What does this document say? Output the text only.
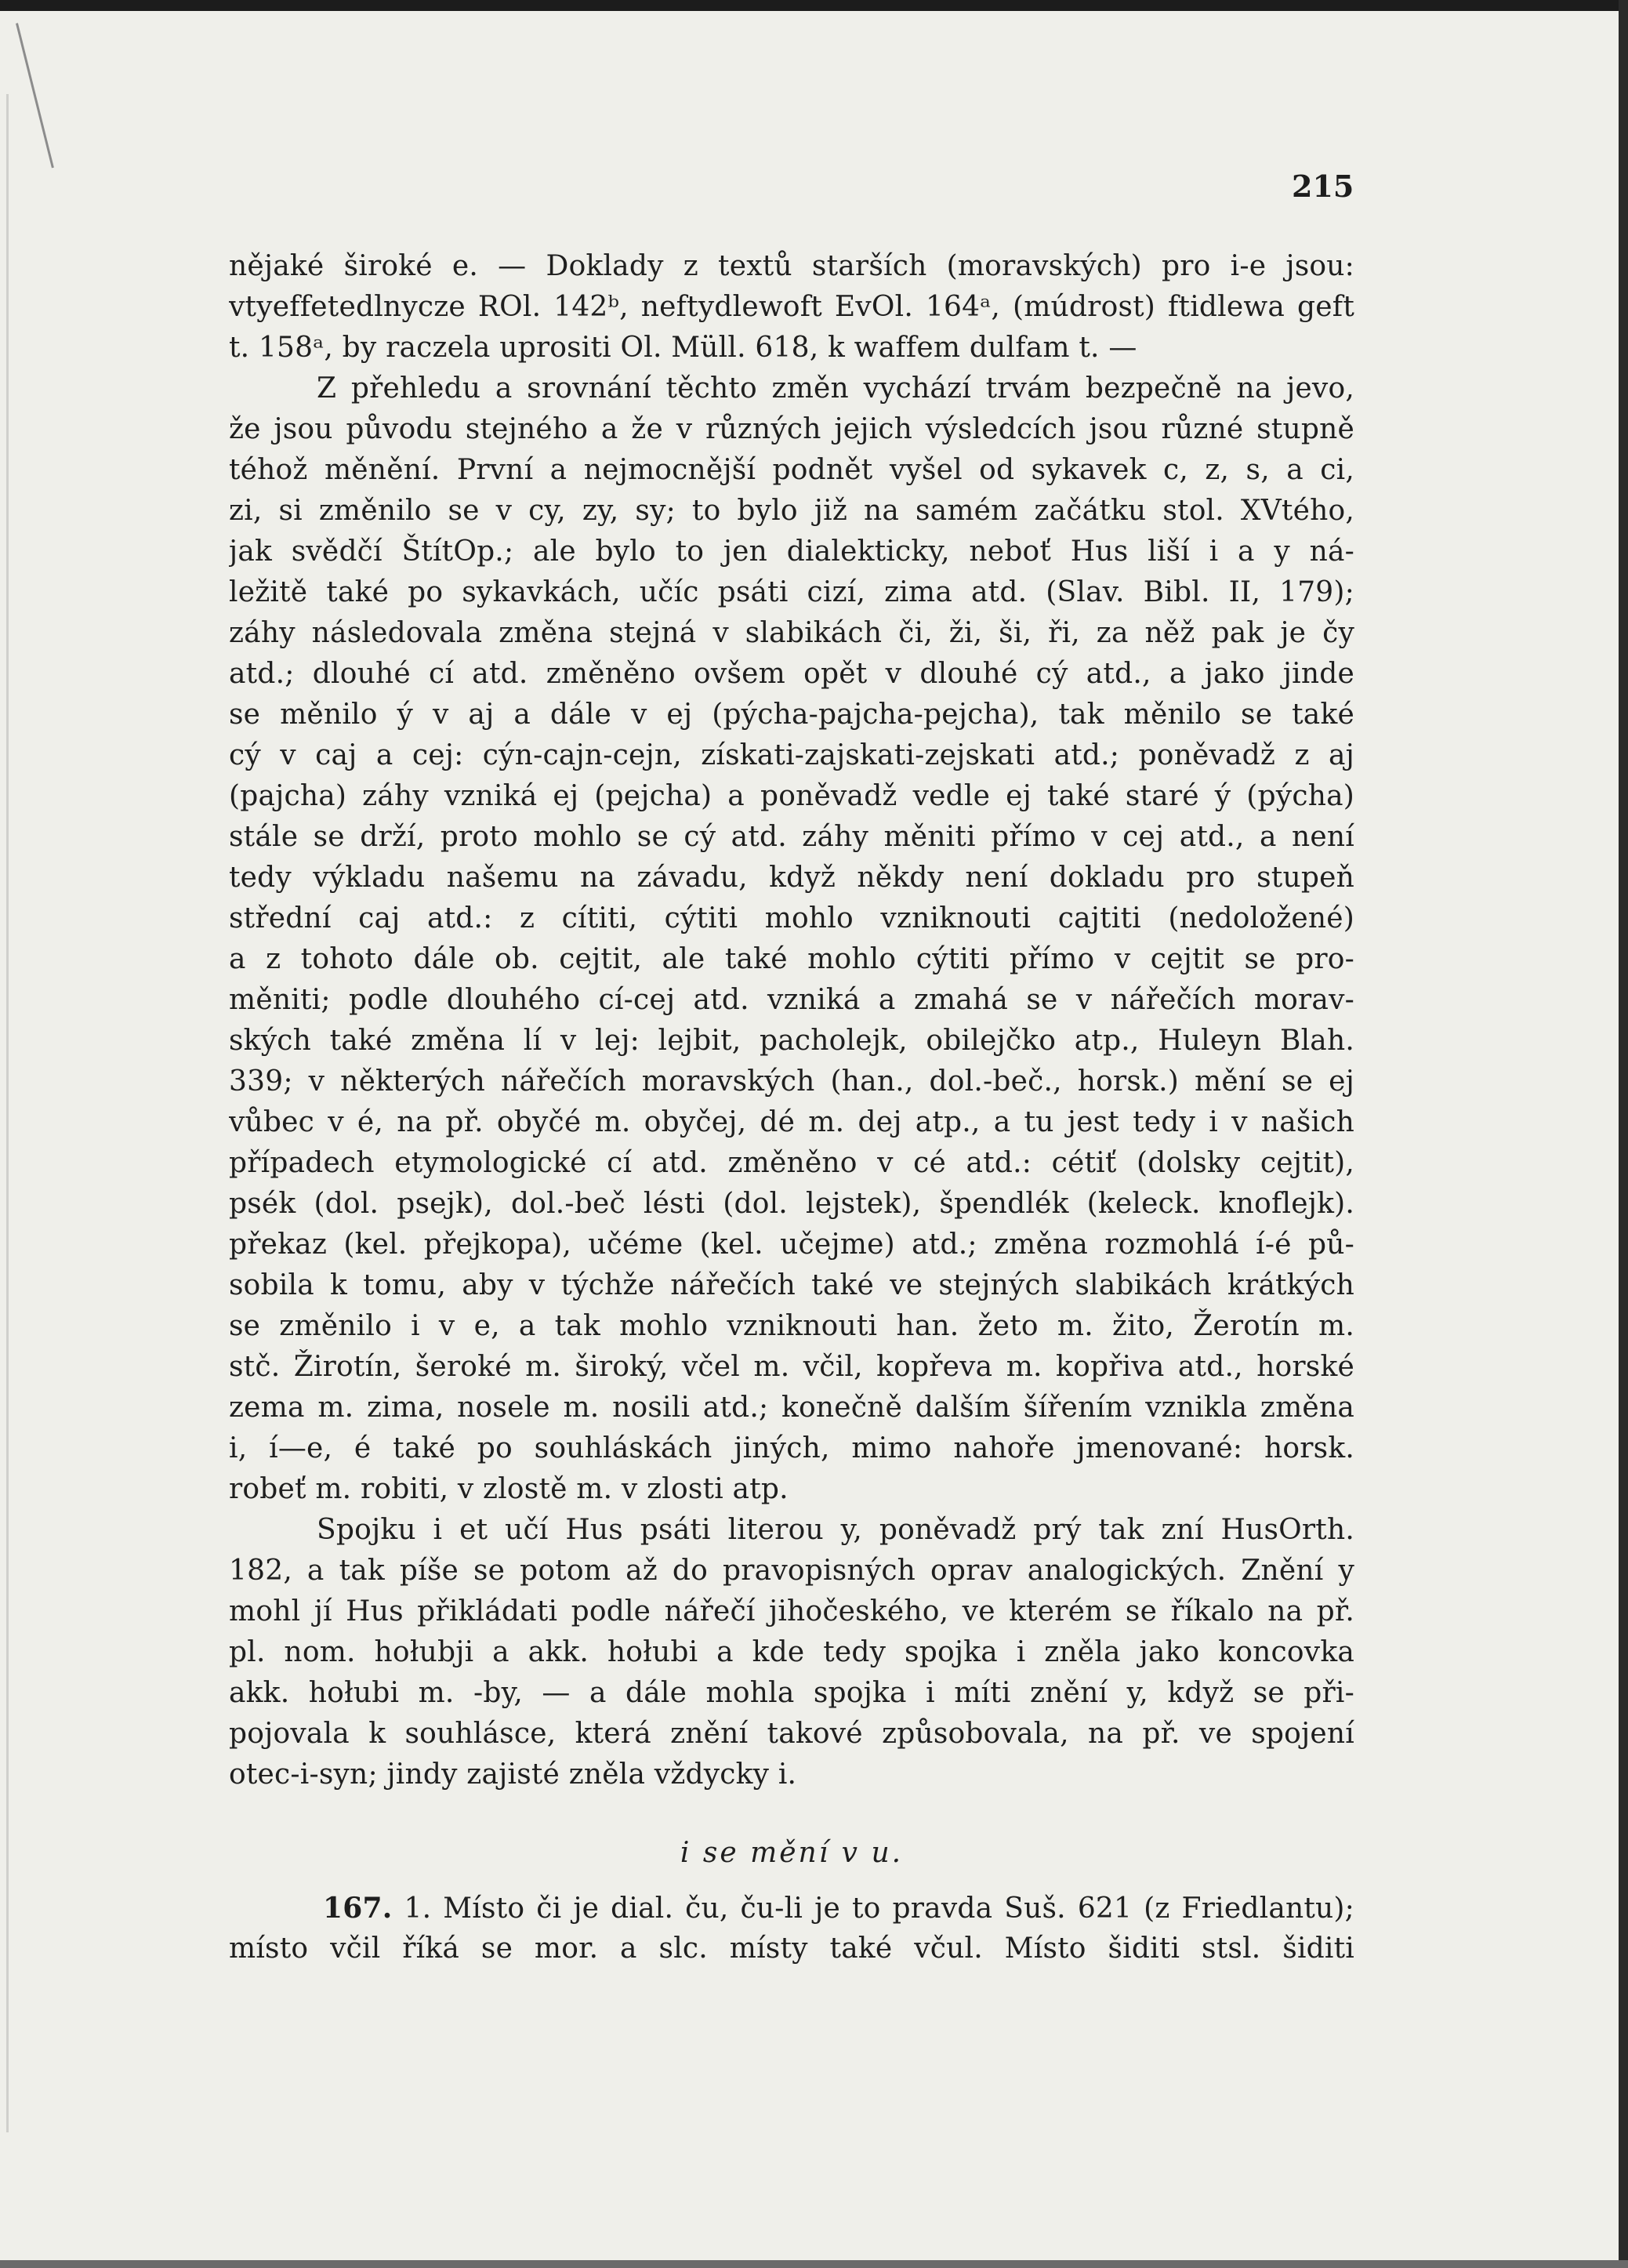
215
nějaké široké e. — Doklady z textů starších (moravských) pro i-e jsou:
vtyeffetedlnycze ROl. 142ᵇ, neftydlewoft EvOl. 164ᵃ, (múdrost) ftidlewa geft
t. 158ᵃ, by raczela uprositi Ol. Müll. 618, k waffem dulfam t. —
Z přehledu a srovnání těchto změn vychází trvám bezpečně na jevo,
že jsou původu stejného a že v různých jejich výsledcích jsou různé stupně
téhož měnění. První a nejmocnější podnět vyšel od sykavek c, z, s, a ci,
zi, si změnilo se v cy, zy, sy; to bylo již na samém začátku stol. XVtého,
jak svědčí ŠtítOp.; ale bylo to jen dialekticky, neboť Hus liší i a y ná-
ležitě také po sykavkách, učíc psáti cizí, zima atd. (Slav. Bibl. II, 179);
záhy následovala změna stejná v slabikách či, ži, ši, ři, za něž pak je čy
atd.; dlouhé cí atd. změněno ovšem opět v dlouhé cý atd., a jako jinde
se měnilo ý v aj a dále v ej (pýcha-pajcha-pejcha), tak měnilo se také
cý v caj a cej: cýn-cajn-cejn, získati-zajskati-zejskati atd.; poněvadž z aj
(pajcha) záhy vzniká ej (pejcha) a poněvadž vedle ej také staré ý (pýcha)
stále se drží, proto mohlo se cý atd. záhy měniti přímo v cej atd., a není
tedy výkladu našemu na závadu, když někdy není dokladu pro stupeň
střední caj atd.: z cítiti, cýtiti mohlo vzniknouti cajtiti (nedoložené)
a z tohoto dále ob. cejtit, ale také mohlo cýtiti přímo v cejtit se pro-
měniti; podle dlouhého cí-cej atd. vzniká a zmahá se v nářečích morav-
ských také změna lí v lej: lejbit, pacholejk, obilejčko atp., Huleyn Blah.
339; v některých nářečích moravských (han., dol.-beč., horsk.) mění se ej
vůbec v é, na př. obyčé m. obyčej, dé m. dej atp., a tu jest tedy i v našich
případech etymologické cí atd. změněno v cé atd.: cétiť (dolsky cejtit),
psék (dol. psejk), dol.-beč lésti (dol. lejstek), špendlék (keleck. knoflejk).
překaz (kel. přejkopa), učéme (kel. učejme) atd.; změna rozmohlá í-é pů-
sobila k tomu, aby v týchže nářečích také ve stejných slabikách krátkých
se změnilo i v e, a tak mohlo vzniknouti han. žeto m. žito, Žerotín m.
stč. Žirotín, šeroké m. široký, včel m. včil, kopřeva m. kopřiva atd., horské
zema m. zima, nosele m. nosili atd.; konečně dalším šířením vznikla změna
i, í—e, é také po souhláskách jiných, mimo nahoře jmenované: horsk.
robeť m. robiti, v zlostě m. v zlosti atp.
Spojku i et učí Hus psáti literou y, poněvadž prý tak zní HusOrth.
182, a tak píše se potom až do pravopisných oprav analogických. Znění y
mohl jí Hus přikládati podle nářečí jihočeského, ve kterém se říkalo na př.
pl. nom. hołubji a akk. hołubi a kde tedy spojka i zněla jako koncovka
akk. hołubi m. -by, — a dále mohla spojka i míti znění y, když se při-
pojovala k souhlásce, která znění takové způsobovala, na př. ve spojení
otec-i-syn; jindy zajisté zněla vždycky i.
i se mění v u.
167. 1. Místo či je dial. ču, ču-li je to pravda Suš. 621 (z Friedlantu);
místo včil říká se mor. a slc. místy také včul. Místo šiditi stsl. šiditi
